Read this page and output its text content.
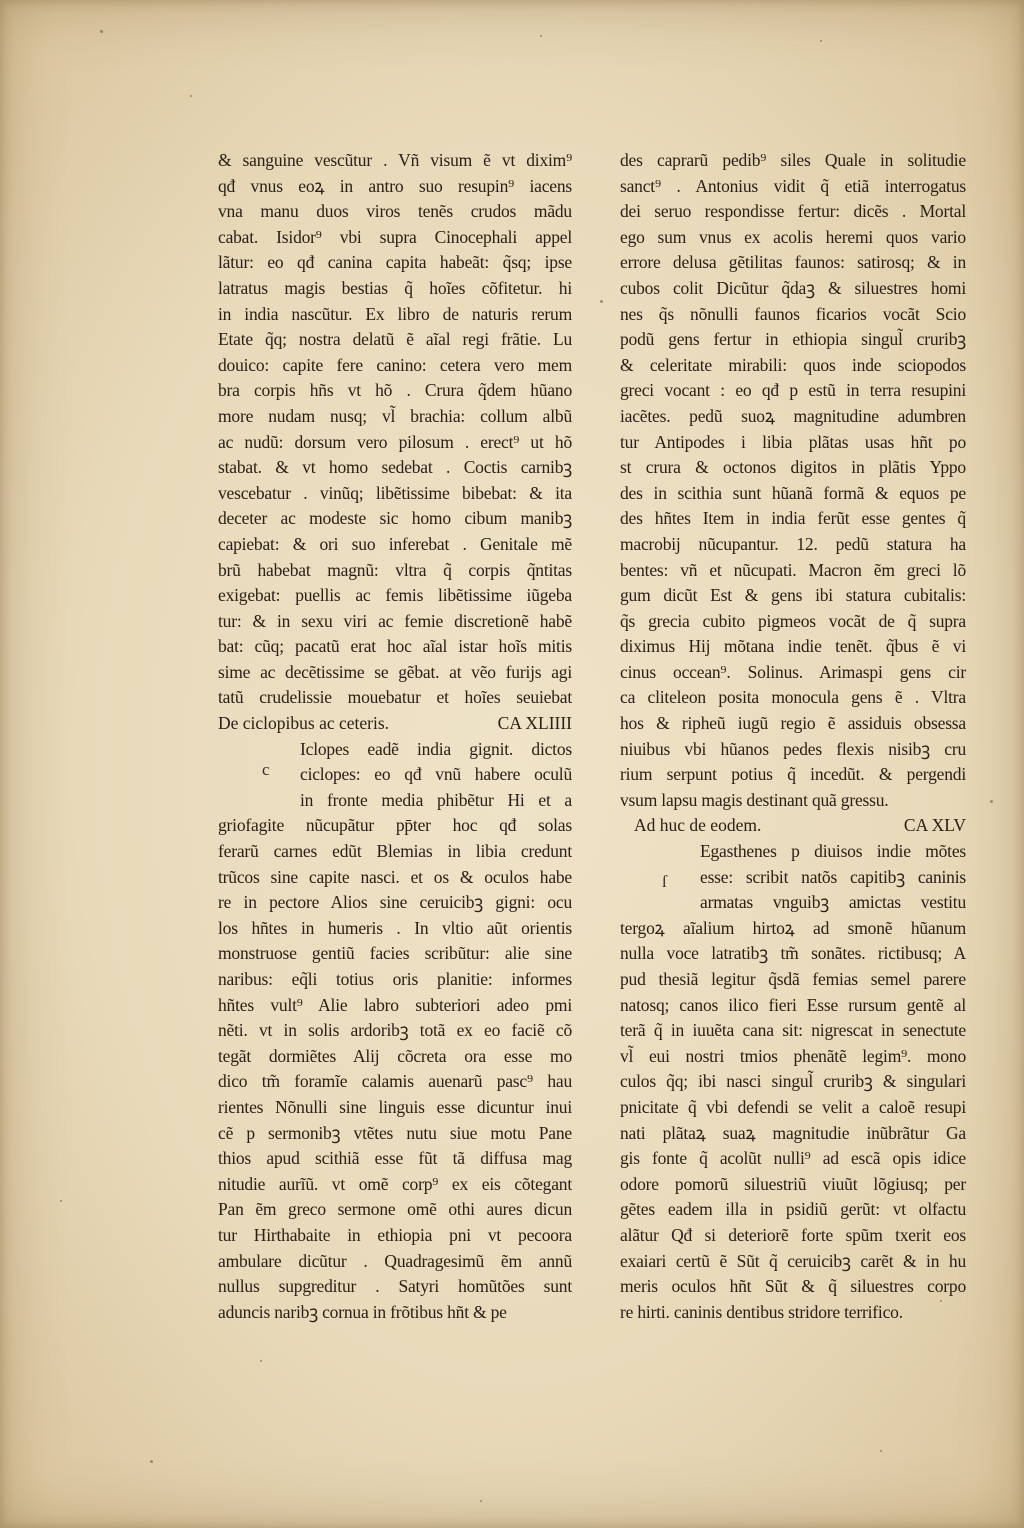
& sanguine vescũtur . Vñ visum ẽ vt dixim⁹
qđ vnus eoꝝ in antro suo resupin⁹ iacens
vna manu duos viros tenẽs crudos mãdu
cabat. Isidor⁹ vbi supra Cinocephali appel
lãtur: eo qđ canina capita habeãt: q̃sq; ipse
latratus magis bestias q̃ hoĩes cõfitetur. hi
in india nascũtur. Ex libro de naturis rerum
Etate q̃q; nostra delatũ ẽ aĩal regi frãtie. Lu
douico: capite fere canino: cetera vero mem
bra corpis hñs vt hõ . Crura q̃dem hũano
more nudam nusq; vl̃ brachia: collum albũ
ac nudũ: dorsum vero pilosum . erect⁹ ut hõ
stabat. & vt homo sedebat . Coctis carnibꝫ
vescebatur . vinũq; libẽtissime bibebat: & ita
deceter ac modeste sic homo cibum manibꝫ
capiebat: & ori suo inferebat . Genitale mẽ
brũ habebat magnũ: vltra q̃ corpis q̃ntitas
exigebat: puellis ac femis libẽtissime iũgeba
tur: & in sexu viri ac femie discretionẽ habẽ
bat: cũq; pacatũ erat hoc aĩal istar hoĩs mitis
sime ac decẽtissime se gẽbat. at vẽo furijs agi
tatũ crudelissie mouebatur et hoĩes seuiebat
De ciclopibus ac ceteris.	CA XLIIII
Iclopes eadẽ india gignit. dictos
ciclopes: eo qđ vnũ habere oculũ
in fronte media phibẽtur Hi et a
griofagite nũcupãtur pp̄ter hoc qđ solas
ferarũ carnes edũt Blemias in libia credunt
trũcos sine capite nasci. et os & oculos habe
re in pectore Alios sine ceruicibꝫ gigni: ocu
los hñtes in humeris . In vltio aũt orientis
monstruose gentiũ facies scribũtur: alie sine
naribus: eq̃li totius oris planitie: informes
hñtes vult⁹ Alie labro subteriori adeo pmi
nẽti. vt in solis ardoribꝫ totã ex eo faciẽ cõ
tegãt dormiẽtes Alij cõcreta ora esse mo
dico tm̃ foramĩe calamis auenarũ pasc⁹ hau
rientes Nõnulli sine linguis esse dicuntur inui
cẽ p sermonibꝫ vtẽtes nutu siue motu Pane
thios apud scithiã esse fũt tã diffusa mag
nitudie aurĩũ. vt omẽ corp⁹ ex eis cõtegant
Pan ẽm greco sermone omẽ othi aures dicun
tur Hirthabaite in ethiopia pni vt pecoora
ambulare dicũtur . Quadragesimũ ẽm annũ
nullus supgreditur . Satyri homũtões sunt
aduncis naribꝫ cornua in frõtibus hñt & pe
des caprarũ pedib⁹ siles Quale in solitudie
sanct⁹ . Antonius vidit q̃ etiã interrogatus
dei seruo respondisse fertur: dicẽs . Mortal
ego sum vnus ex acolis heremi quos vario
errore delusa gẽtilitas faunos: satirosq; & in
cubos colit Dicũtur q̃daꝫ & siluestres homi
nes q̃s nõnulli faunos ficarios vocãt Scio
podũ gens fertur in ethiopia singul̃ cruribꝫ
& celeritate mirabili: quos inde sciopodos
greci vocant : eo qđ p estũ in terra resupini
iacẽtes. pedũ suoꝝ magnitudine adumbren
tur Antipodes i libia plãtas usas hñt po
st crura & octonos digitos in plãtis Yppo
des in scithia sunt hũanã formã & equos pe
des hñtes Item in india ferũt esse gentes q̃
macrobij nũcupantur. 12. pedũ statura ha
bentes: vñ et nũcupati. Macron ẽm greci lõ
gum dicũt Est & gens ibi statura cubitalis:
q̃s grecia cubito pigmeos vocãt de q̃ supra
diximus Hij mõtana indie tenẽt. q̃bus ẽ vi
cinus occean⁹. Solinus. Arimaspi gens cir
ca cliteleon posita monocula gens ẽ . Vltra
hos & ripheũ iugũ regio ẽ assiduis obsessa
niuibus vbi hũanos pedes flexis nisibꝫ cru
rium serpunt potius q̃ incedũt. & pergendi
vsum lapsu magis destinant quã gressu.
Ad huc de eodem.	CA XLV
Egasthenes p diuisos indie mõtes
esse: scribit natõs capitibꝫ caninis
armatas vnguibꝫ amictas vestitu
tergoꝝ aĩalium hirtoꝝ ad smonẽ hũanum
nulla voce latratibꝫ tm̃ sonãtes. rictibusq; A
pud thesiã legitur q̃sdã femias semel parere
natosq; canos ilico fieri Esse rursum gentẽ al
terã q̃ in iuuẽta cana sit: nigrescat in senectute
vl̃ eui nostri tmios phenãtẽ legim⁹. mono
culos q̃q; ibi nasci singul̃ cruribꝫ & singulari
pnicitate q̃ vbi defendi se velit a caloẽ resupi
nati plãtaꝝ suaꝝ magnitudie inũbrãtur Ga
gis fonte q̃ acolũt nulli⁹ ad escã opis idice
odore pomorũ siluestriũ viuũt lõgiusq; per
gẽtes eadem illa in psidiũ gerũt: vt olfactu
alãtur Qđ si deteriorẽ forte spũm txerit eos
exaiari certũ ẽ Sũt q̃ ceruicibꝫ carẽt & in hu
meris oculos hñt Sũt & q̃ siluestres corpo
re hirti. caninis dentibus stridore terrifico.
c
ſ
